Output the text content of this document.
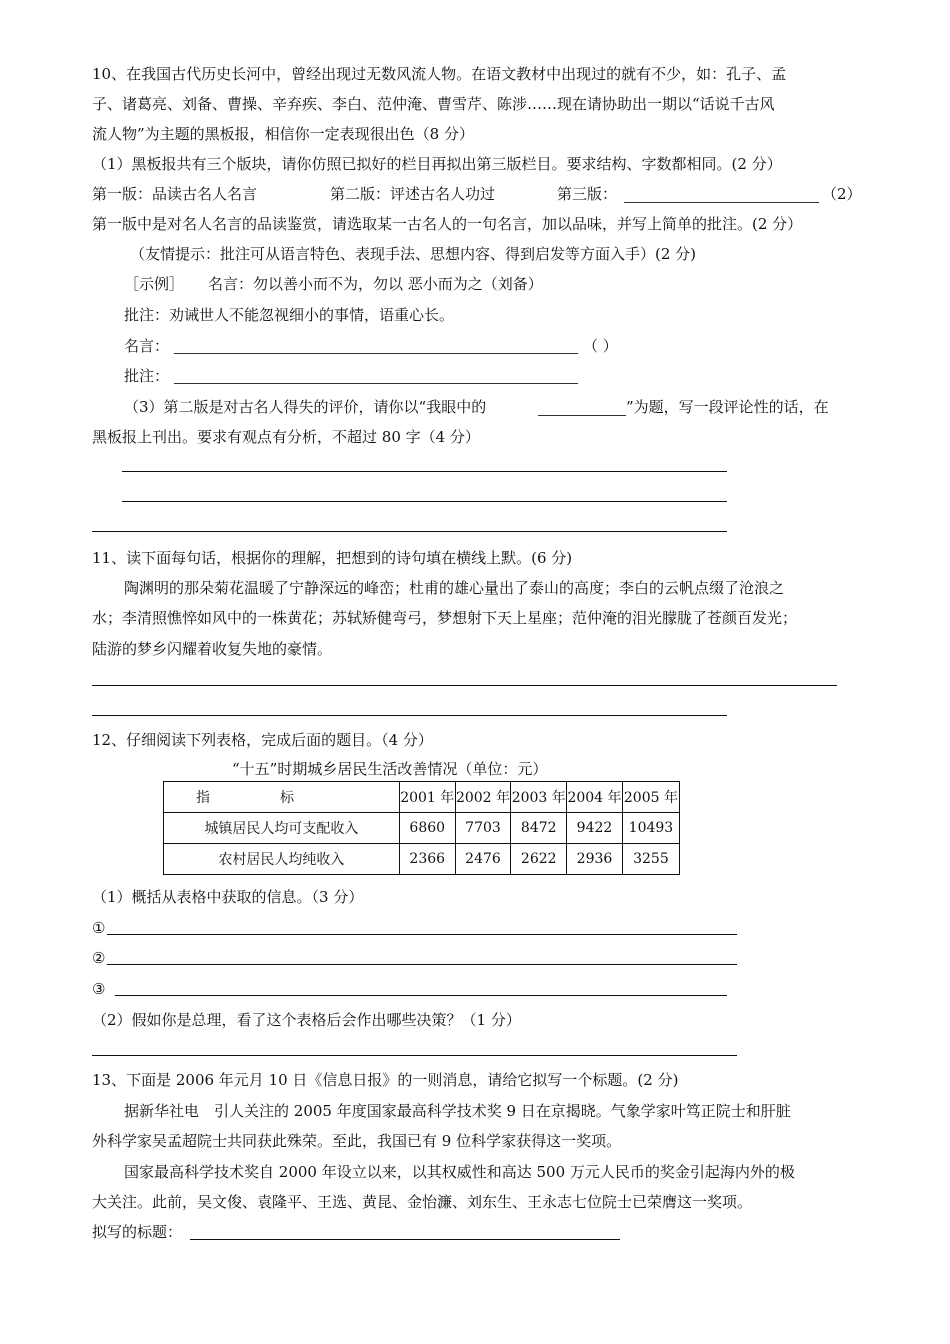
10、在我国古代历史长河中，曾经出现过无数风流人物。在语文教材中出现过的就有不少，如：孔子、孟
子、诸葛亮、刘备、曹操、辛弃疾、李白、范仲淹、曹雪芹、陈涉……现在请协助出一期以“话说千古风
流人物”为主题的黑板报，相信你一定表现很出色（8 分）
（1）黑板报共有三个版块，请你仿照已拟好的栏目再拟出第三版栏目。要求结构、字数都相同。(2 分）
第一版：品读古名人名言	第二版：评述古名人功过	第三版：	（2）
第一版中是对名人名言的品读鉴赏，请选取某一古名人的一句名言，加以品味，并写上简单的批注。(2 分）
（友情提示：批注可从语言特色、表现手法、思想内容、得到启发等方面入手）(2 分)
［示例］ 名言：勿以善小而不为，勿以 恶小而为之（刘备）
批注：劝诫世人不能忽视细小的事情，语重心长。
名言：	（ ）
批注：
（3）第二版是对古名人得失的评价，请你以“我眼中的	”为题，写一段评论性的话，在
黑板报上刊出。要求有观点有分析，不超过 80 字（4 分）
11、读下面每句话，根据你的理解，把想到的诗句填在横线上默。(6 分)
陶渊明的那朵菊花温暖了宁静深远的峰峦；杜甫的雄心量出了泰山的高度；李白的云帆点缀了沧浪之
水；李清照憔悴如风中的一株黄花；苏轼矫健弯弓，梦想射下天上星座；范仲淹的泪光朦胧了苍颜百发光；
陆游的梦乡闪耀着收复失地的豪情。
12、仔细阅读下列表格，完成后面的题目。（4 分）
“十五”时期城乡居民生活改善情况（单位：元）
指　　　　　标	2001 年	2002 年	2003 年	2004 年	2005 年
城镇居民人均可支配收入	6860	7703	8472	9422	10493
农村居民人均纯收入	2366	2476	2622	2936	3255
（1）概括从表格中获取的信息。（3 分）
①
②
③
（2）假如你是总理，看了这个表格后会作出哪些决策？（1 分）
13、下面是 2006 年元月 10 日《信息日报》的一则消息，请给它拟写一个标题。(2 分)
据新华社电　引人关注的 2005 年度国家最高科学技术奖 9 日在京揭晓。气象学家叶笃正院士和肝脏
外科学家吴孟超院士共同获此殊荣。至此，我国已有 9 位科学家获得这一奖项。
国家最高科学技术奖自 2000 年设立以来，以其权威性和高达 500 万元人民币的奖金引起海内外的极
大关注。此前，吴文俊、袁隆平、王选、黄昆、金怡濂、刘东生、王永志七位院士已荣膺这一奖项。
拟写的标题：
